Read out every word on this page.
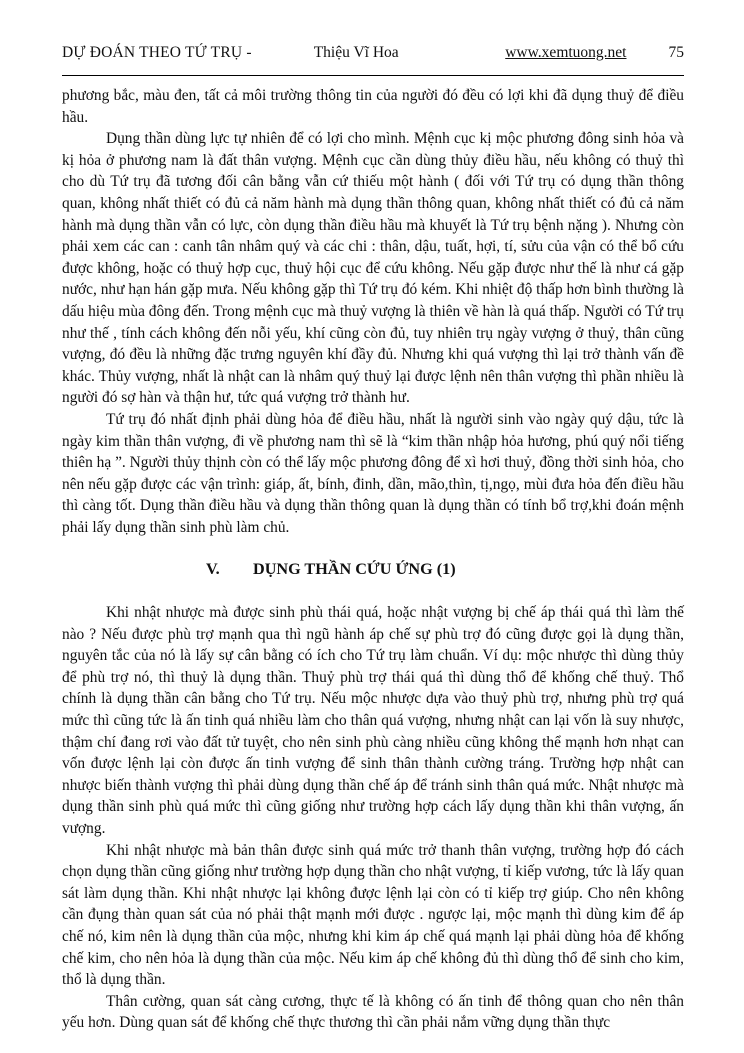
DỰ ĐOÁN THEO TỨ TRỤ -	Thiệu Vĩ Hoa	www.xemtuong.net	75

phương bắc, màu đen, tất cả môi trường thông tin của người đó đều có lợi khi đã dụng thuỷ để điều hầu.

Dụng thần dùng lực tự nhiên để có lợi cho mình. Mệnh cục kị mộc phương đông sinh hỏa và kị hỏa ở phương nam là đất thân vượng. Mệnh cục cần dùng thủy điều hầu, nếu không có thuỷ thì cho dù Tứ trụ đã tương đối cân bằng vẫn cứ thiếu một hành ( đối với Tứ trụ có dụng thần thông quan, không nhất thiết có đủ cả năm hành mà dụng thần thông quan, không nhất thiết có đủ cả năm hành mà dụng thần vẫn có lực, còn dụng thần điều hầu mà khuyết là Tứ trụ bệnh nặng ). Nhưng còn phải xem các can : canh tân nhâm quý và các chi : thân, dậu, tuất, hợi, tí, sửu của vận có thể bổ cứu được không, hoặc có thuỷ hợp cục, thuỷ hội cục để cứu không. Nếu gặp được như thế là như cá gặp nước, như hạn hán gặp mưa. Nếu không gặp thì Tứ trụ đó kém. Khi nhiệt độ thấp hơn bình thường là dấu hiệu mùa đông đến. Trong mệnh cục mà thuỷ vượng là thiên về hàn là quá thấp. Người có Tứ trụ như thế , tính cách không đến nỗi yếu, khí cũng còn đủ, tuy nhiên trụ ngày vượng ở thuỷ, thân cũng vượng, đó đều là những đặc trưng nguyên khí đầy đủ. Nhưng khi quá vượng thì lại trở thành vấn đề khác. Thủy vượng, nhất là nhật can là nhâm quý thuỷ lại được lệnh nên thân vượng thì phần nhiều là người đó sợ hàn và thận hư, tức quá vượng trở thành hư.

Tứ trụ đó nhất định phải dùng hỏa để điều hầu, nhất là người sinh vào ngày quý dậu, tức là ngày kim thần thân vượng, đi về phương nam thì sẽ là “kim thần nhập hỏa hương, phú quý nổi tiếng thiên hạ ”. Người thủy thịnh còn có thể lấy mộc phương đông để xì hơi thuỷ, đồng thời sinh hỏa, cho nên nếu gặp được các vận trình: giáp, ất, bính, đinh, dần, mão,thìn, tị,ngọ, mùi đưa hỏa đến điều hầu thì càng tốt. Dụng thần điều hầu và dụng thần thông quan là dụng thần có tính bổ trợ,khi đoán mệnh phải lấy dụng thần sinh phù làm chủ.

V.	DỤNG THẦN CỨU ỨNG (1)

Khi nhật nhược mà được sinh phù thái quá, hoặc nhật vượng bị chế áp thái quá thì làm thế nào ? Nếu được phù trợ mạnh qua thì ngũ hành áp chế sự phù trợ đó cũng được gọi là dụng thần, nguyên tắc của nó là lấy sự cân bằng có ích cho Tứ trụ làm chuẩn. Ví dụ: mộc nhược thì dùng thủy để phù trợ nó, thì thuỷ là dụng thần. Thuỷ phù trợ thái quá thì dùng thổ để khống chế thuỷ. Thổ chính là dụng thần cân bằng cho Tứ trụ. Nếu mộc nhược dựa vào thuỷ phù trợ, nhưng phù trợ quá mức thì cũng tức là ấn tinh quá nhiều làm cho thân quá vượng, nhưng nhật can lại vốn là suy nhược, thậm chí đang rơi vào đất tử tuyệt, cho nên sinh phù càng nhiều cũng không thể mạnh hơn nhạt can vốn được lệnh lại còn được ấn tinh vượng để sinh thân thành cường tráng. Trường hợp nhật can nhược biến thành vượng thì phải dùng dụng thần chế áp để tránh sinh thân quá mức. Nhật nhược mà dụng thần sinh phù quá mức thì cũng giống như trường hợp cách lấy dụng thần khi thân vượng, ấn vượng.

Khi nhật nhược mà bản thân được sinh quá mức trở thanh thân vượng, trường hợp đó cách chọn dụng thần cũng giống như trường hợp dụng thần cho nhật vượng, tỉ kiếp vương, tức là lấy quan sát làm dụng thần. Khi nhật nhược lại không được lệnh lại còn có tỉ kiếp trợ giúp. Cho nên không cần đụng thàn quan sát của nó phải thật mạnh mới được . ngược lại, mộc mạnh thì dùng kim để áp chế nó, kim nên là dụng thần của mộc, nhưng khi kim áp chế quá mạnh lại phải dùng hỏa để khống chế kim, cho nên hỏa là dụng thần của mộc. Nếu kim áp chế không đủ thì dùng thổ để sinh cho kim, thổ là dụng thần.

Thân cường, quan sát càng cương, thực tế là không có ấn tinh để thông quan cho nên thân yếu hơn. Dùng quan sát để khống chế thực thương thì cần phải nắm vững dụng thần thực
